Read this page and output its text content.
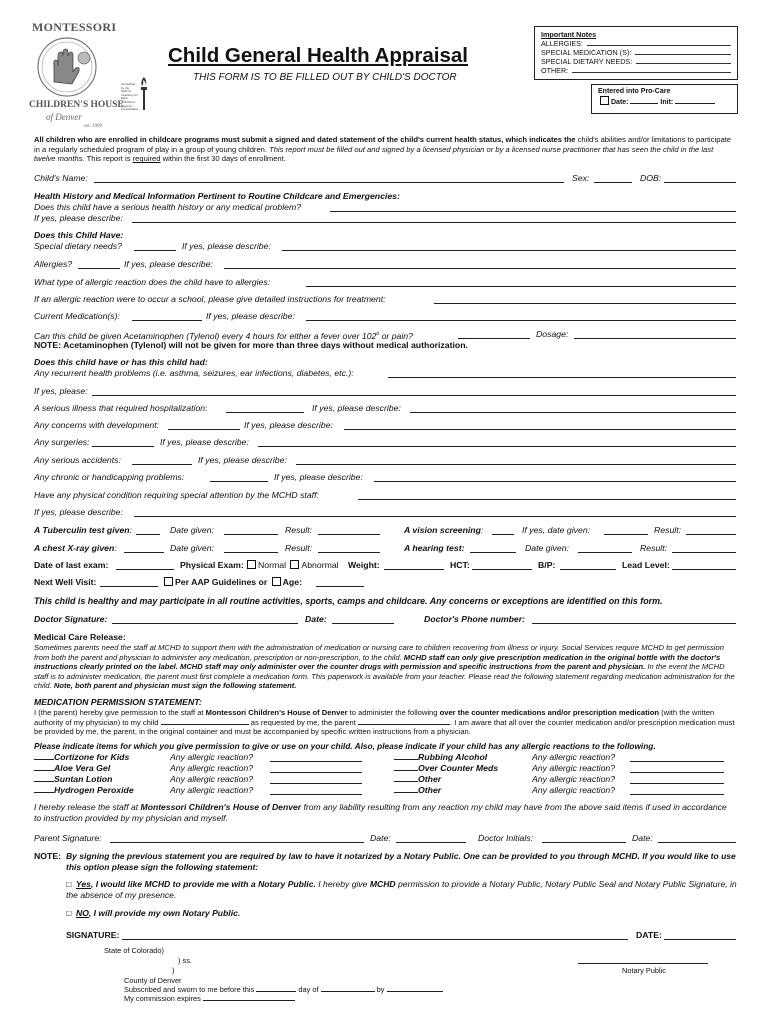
MONTESSORI
CHILDREN'S HOUSE
of Denver
est. 1999
Child General Health Appraisal
THIS FORM IS TO BE FILLED OUT BY CHILD'S DOCTOR
Accredited by the NAEYC Academy for Early Childhood Program Accreditation
Important Notes
ALLERGIES:
SPECIAL MEDICATION (S):
SPECIAL DIETARY NEEDS:
OTHER:
Entered into Pro-Care
Date:	Init:
All children who are enrolled in childcare programs must submit a signed and dated statement of the child's current health status, which indicates the child's abilities and/or limitations to participate in a regularly scheduled program of play in a group of young children. This report must be filled out and signed by a licensed physician or by a licensed nurse practitioner that has seen the child in the last twelve months. This report is required within the first 30 days of enrollment.
Child's Name:	Sex:	DOB:
Health History and Medical Information Pertinent to Routine Childcare and Emergencies:
Does this child have a serious health history or any medical problem?
If yes, please describe:
Does this Child Have:
Special dietary needs?	If yes, please describe:
Allergies?	If yes, please describe:
What type of allergic reaction does the child have to allergies:
If an allergic reaction were to occur a school, please give detailed instructions for treatment:
Current Medication(s):	If yes, please describe:
Can this child be given Acetaminophen (Tylenol) every 4 hours for either a fever over 102$^o$ or pain?	Dosage:
NOTE: Acetaminophen (Tylenol) will not be given for more than three days without medical authorization.
Does this child have or has this child had:
Any recurrent health problems (i.e. asthma, seizures, ear infections, diabetes, etc.):
If yes, please:
A serious illness that required hospitalization:	If yes, please describe:
Any concerns with development:	If yes, please describe:
Any surgeries:	If yes, please describe:
Any serious accidents:	If yes, please describe:
Any chronic or handicapping problems:	If yes, please describe:
Have any physical condition requiring special attention by the MCHD staff:
If yes, please describe:
A Tuberculin test given:	Date given:	Result:	A vision screening:	If yes, date given:	Result:
A chest X-ray given:	Date given:	Result:	A hearing test:	Date given:	Result:
Date of last exam:	Physical Exam:	Normal Abnormal Weight:	HCT:	B/P:	Lead Level:
Next Well Visit:	Per AAP Guidelines or Age:
This child is healthy and may participate in all routine activities, sports, camps and childcare. Any concerns or exceptions are identified on this form.
Doctor Signature:	Date:	Doctor's Phone number:
Medical Care Release:
Sometimes parents need the staff at MCHD to support them with the administration of medication or nursing care to children recovering from illness or injury. Social Services require MCHD to get permission from both the parent and physician to administer any medication, prescription or non-prescription, to the child. MCHD staff can only give prescription medication in the original bottle with the doctor's instructions clearly printed on the label. MCHD staff may only administer over the counter drugs with permission and specific instructions from the parent and physician. In the event the MCHD staff is to administer medication, the parent must first complete a medication form. This paperwork is available from your teacher. Please read the following statement regarding medication administration for the child. Note, both parent and physician must sign the following statement.
MEDICATION PERMISSION STATEMENT:
I (the parent) hereby give permission to the staff at Montessori Children's House of Denver to administer the following over the counter medications and/or prescription medication (with the written authority of my physician) to my child	as requested by me, the parent	. I am aware that all over the counter medication and/or prescription medication must be provided by me, the parent, in the original container and must be accompanied by specific written instructions from a physician.
Please indicate items for which you give permission to give or use on your child. Also, please indicate if your child has any allergic reactions to the following.
Cortizone for Kids	Any allergic reaction?	Rubbing Alcohol	Any allergic reaction?
Aloe Vera Gel	Any allergic reaction?	Over Counter Meds	Any allergic reaction?
Suntan Lotion	Any allergic reaction?	Other	Any allergic reaction?
Hydrogen Peroxide	Any allergic reaction?	Other	Any allergic reaction?
I hereby release the staff at Montessori Children's House of Denver from any liability resulting from any reaction my child may have from the above said items if used in accordance to instruction provided by my physician and myself.
Parent Signature:	Date:	Doctor Initials:	Date:
NOTE: By signing the previous statement you are required by law to have it notarized by a Notary Public. One can be provided to you through MCHD. If you would like to use this option please sign the following statement:
□ Yes, I would like MCHD to provide me with a Notary Public. I hereby give MCHD permission to provide a Notary Public, Notary Public Seal and Notary Public Signature, in the absence of my presence.
□ NO, I will provide my own Notary Public.
SIGNATURE:	DATE:
State of Colorado)
) ss.
)	Notary Public
County of Denver
Subscribed and sworn to me before this	day of	by
My commission expires
